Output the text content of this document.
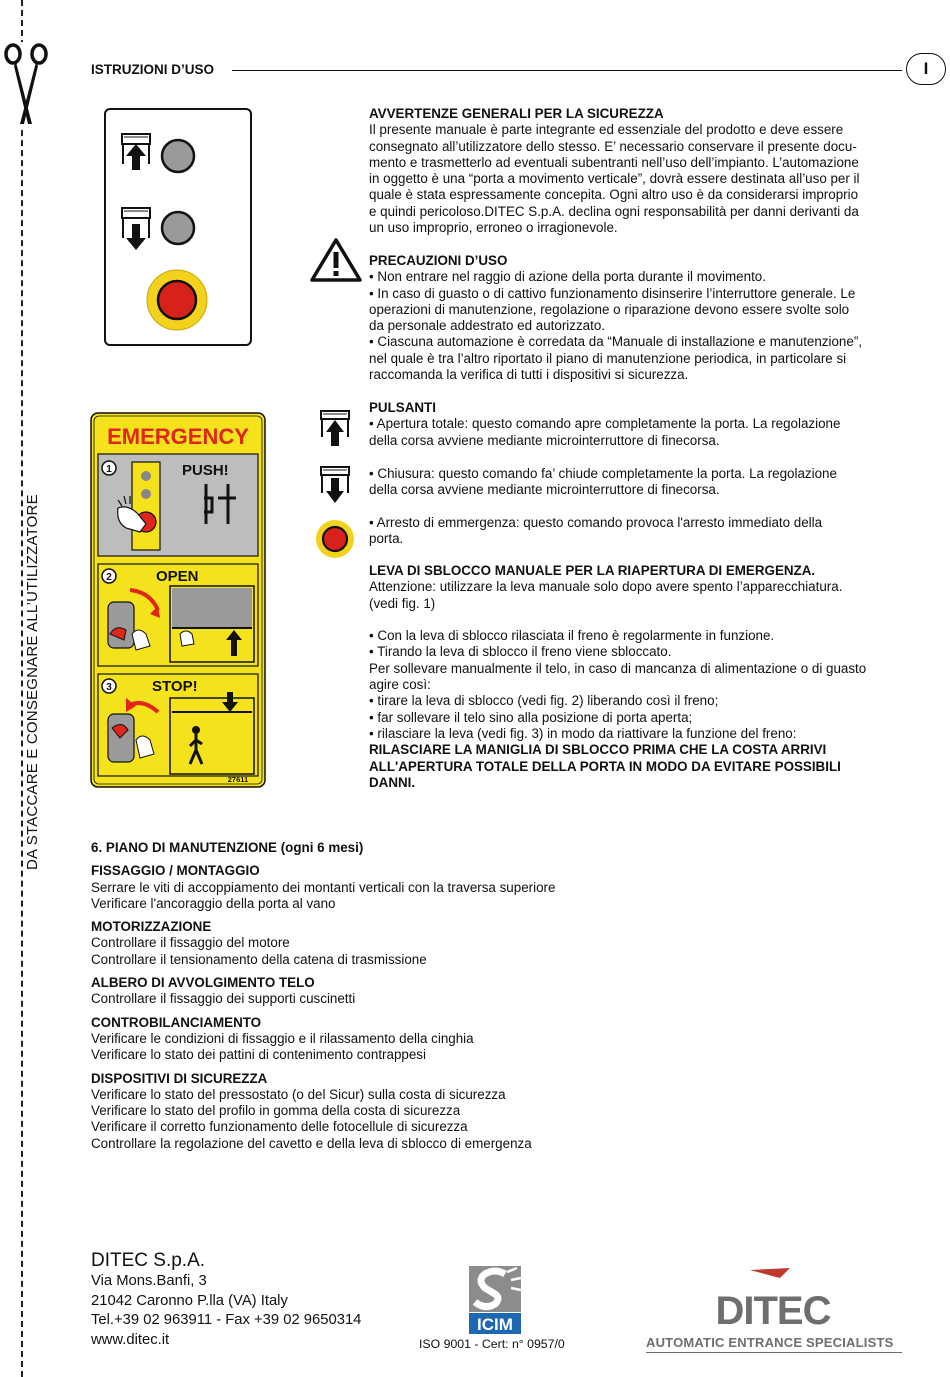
DA STACCARE E CONSEGNARE ALL’UTILIZZATORE
ISTRUZIONI D’USO	I

AVVERTENZE GENERALI PER LA SICUREZZA

Il presente manuale è parte integrante ed essenziale del prodotto e deve essere

consegnato all’utilizzatore dello stesso. E’ necessario conservare il presente docu-

mento e trasmetterlo ad eventuali subentranti nell’uso dell’impianto. L’automazione

in oggetto è una “porta a movimento verticale”, dovrà essere destinata all’uso per il

quale è stata espressamente concepita. Ogni altro uso è da considerarsi improprio

e quindi pericoloso.DITEC S.p.A. declina ogni responsabilità per danni derivanti da

un uso improprio, erroneo o irragionevole.

PRECAUZIONI D’USO

• Non entrare nel raggio di azione della porta durante il movimento.

• In caso di guasto o di cattivo funzionamento disinserire l’interruttore generale. Le

operazioni di manutenzione, regolazione o riparazione devono essere svolte solo

da personale addestrato ed autorizzato.

• Ciascuna automazione è corredata da “Manuale di installazione e manutenzione”,

nel quale è tra l’altro riportato il piano di manutenzione periodica, in particolare si

raccomanda la verifica di tutti i dispositivi si sicurezza.

PULSANTI

• Apertura totale: questo comando apre completamente la porta. La regolazione

della corsa avviene mediante microinterruttore di finecorsa.

• Chiusura: questo comando fa’ chiude completamente la porta. La regolazione

della corsa avviene mediante microinterruttore di finecorsa.

• Arresto di emmergenza: questo comando provoca l'arresto immediato della

porta.

LEVA DI SBLOCCO MANUALE PER LA RIAPERTURA DI EMERGENZA.

Attenzione: utilizzare la leva manuale solo dopo avere spento l’apparecchiatura.

(vedi fig. 1)

• Con la leva di sblocco rilasciata il freno è regolarmente in funzione.

• Tirando la leva di sblocco il freno viene sbloccato.

Per sollevare manualmente il telo, in caso di mancanza di alimentazione o di guasto

agire così:

• tirare la leva di sblocco (vedi fig. 2) liberando così il freno;

• far sollevare il telo sino alla posizione di porta aperta;

• rilasciare la leva (vedi fig. 3) in modo da riattivare la funzione del freno:

RILASCIARE LA MANIGLIA DI SBLOCCO PRIMA CHE LA COSTA ARRIVI

ALL'APERTURA TOTALE DELLA PORTA IN MODO DA EVITARE POSSIBILI

DANNI.

EMERGENCY
1	PUSH!
2	OPEN
3	STOP!
27611

6. PIANO DI MANUTENZIONE (ogni 6 mesi)

FISSAGGIO / MONTAGGIO

Serrare le viti di accoppiamento dei montanti verticali con la traversa superiore

Verificare l'ancoraggio della porta al vano

MOTORIZZAZIONE

Controllare il fissaggio del motore

Controllare il tensionamento della catena di trasmissione

ALBERO DI AVVOLGIMENTO TELO

Controllare il fissaggio dei supporti cuscinetti

CONTROBILANCIAMENTO

Verificare le condizioni di fissaggio e il rilassamento della cinghia

Verificare lo stato dei pattini di contenimento contrappesi

DISPOSITIVI DI SICUREZZA

Verificare lo stato del pressostato (o del Sicur) sulla costa di sicurezza

Verificare lo stato del profilo in gomma della costa di sicurezza

Verificare il corretto funzionamento delle fotocellule di sicurezza

Controllare la regolazione del cavetto e della leva di sblocco di emergenza

DITEC S.p.A.

Via Mons.Banfi, 3

21042 Caronno P.lla (VA) Italy

Tel.+39 02 963911 - Fax +39 02 9650314

www.ditec.it

ICIM
ISO 9001 - Cert: n° 0957/0
DITEC
AUTOMATIC ENTRANCE SPECIALISTS
